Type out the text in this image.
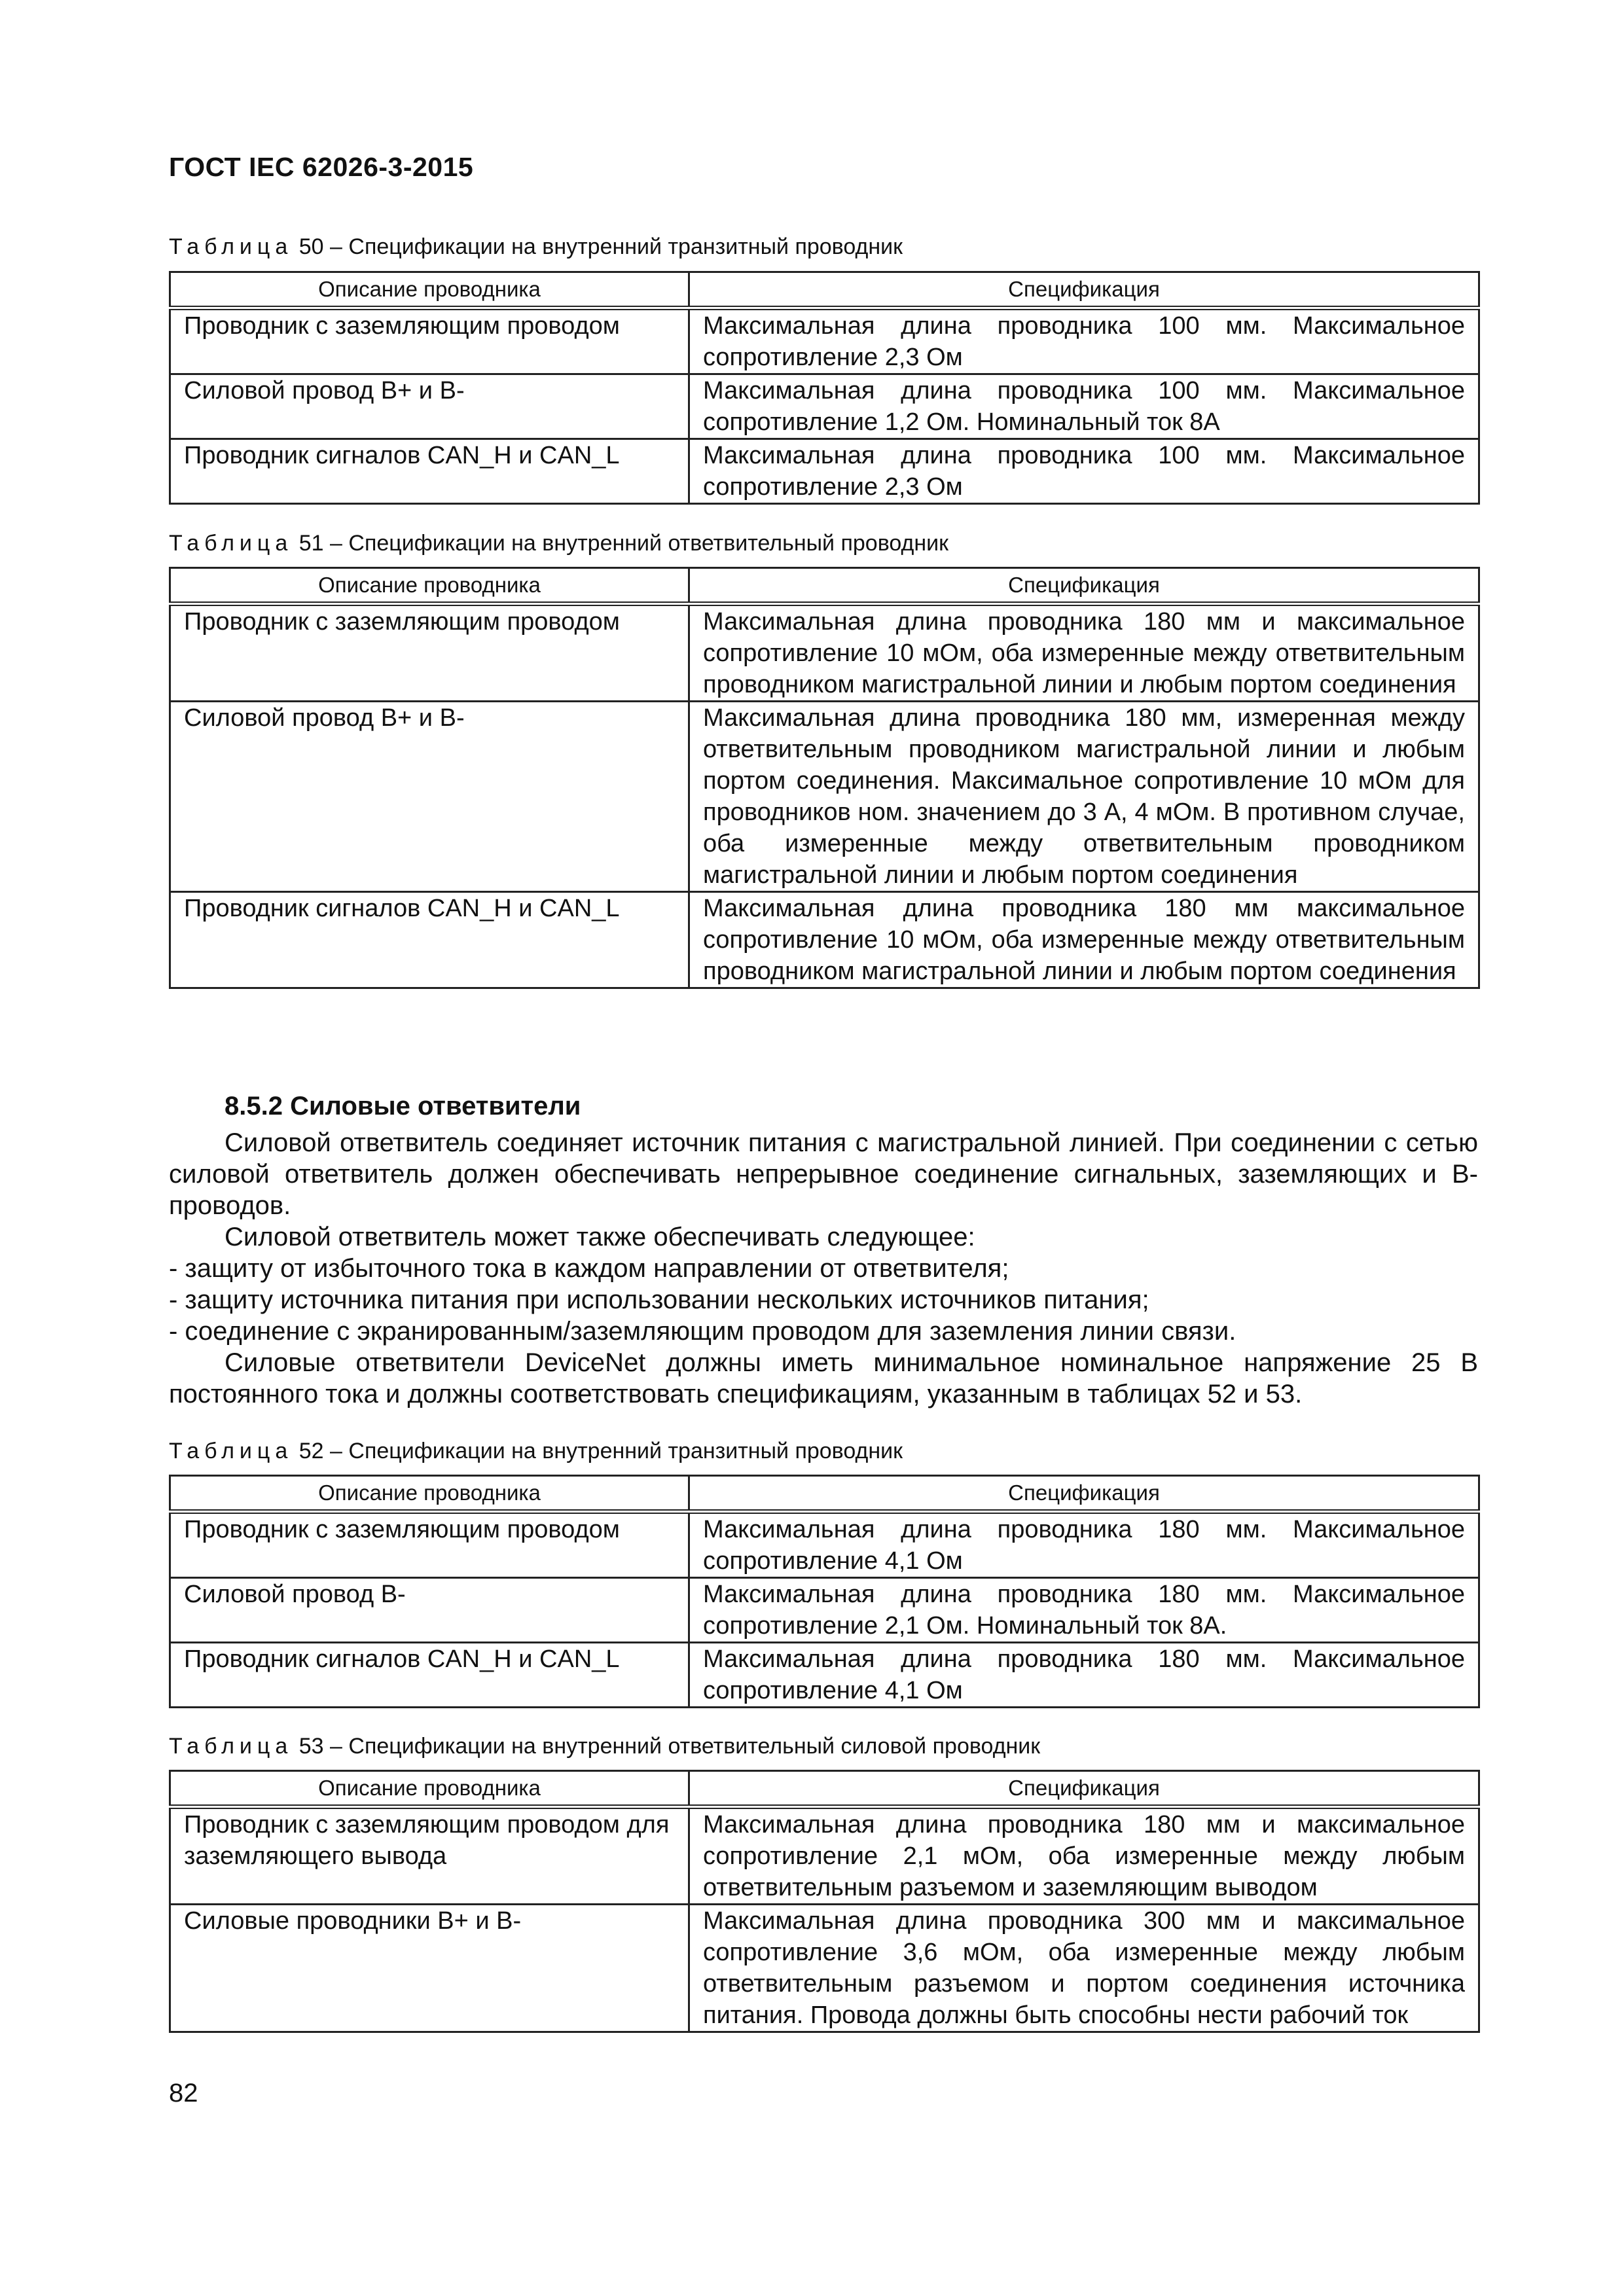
ГОСТ IEC 62026-3-2015
Таблица 50 – Спецификации на внутренний транзитный проводник
Описание проводника	Спецификация
Проводник с заземляющим проводом	Максимальная длина проводника 100 мм. Максимальное сопротивление 2,3 Ом
Силовой провод В+ и В-	Максимальная длина проводника 100 мм. Максимальное сопротивление 1,2 Ом. Номинальный ток 8А
Проводник сигналов CAN_H и CAN_L	Максимальная длина проводника 100 мм. Максимальное сопротивление 2,3 Ом
Таблица 51 – Спецификации на внутренний ответвительный проводник
Описание проводника	Спецификация
Проводник с заземляющим проводом	Максимальная длина проводника 180 мм и максимальное сопротивление 10 мОм, оба измеренные между ответвительным проводником магистральной линии и любым портом соединения
Силовой провод В+ и В-	Максимальная длина проводника 180 мм, измеренная между ответвительным проводником магистральной линии и любым портом соединения. Максимальное сопротивление 10 мОм для проводников ном. значением до 3 А, 4 мОм. В противном случае, оба измеренные между ответвительным проводником магистральной линии и любым портом соединения
Проводник сигналов CAN_H и CAN_L	Максимальная длина проводника 180 мм максимальное сопротивление 10 мОм, оба измеренные между ответвительным проводником магистральной линии и любым портом соединения
8.5.2 Силовые ответвители

Силовой ответвитель соединяет источник питания с магистральной линией. При соединении с сетью силовой ответвитель должен обеспечивать непрерывное соединение сигнальных, заземляющих и В- проводов.

Силовой ответвитель может также обеспечивать следующее:

- защиту от избыточного тока в каждом направлении от ответвителя;

- защиту источника питания при использовании нескольких источников питания;

- соединение с экранированным/заземляющим проводом для заземления линии связи.

Силовые ответвители DeviceNet должны иметь минимальное номинальное напряжение 25 В постоянного тока и должны соответствовать спецификациям, указанным в таблицах 52 и 53.

Таблица 52 – Спецификации на внутренний транзитный проводник
Описание проводника	Спецификация
Проводник с заземляющим проводом	Максимальная длина проводника 180 мм. Максимальное сопротивление 4,1 Ом
Силовой провод В-	Максимальная длина проводника 180 мм. Максимальное сопротивление 2,1 Ом. Номинальный ток 8А.
Проводник сигналов CAN_H и CAN_L	Максимальная длина проводника 180 мм. Максимальное сопротивление 4,1 Ом
Таблица 53 – Спецификации на внутренний ответвительный силовой проводник
Описание проводника	Спецификация
Проводник с заземляющим проводом для заземляющего вывода	Максимальная длина проводника 180 мм и максимальное сопротивление 2,1 мОм, оба измеренные между любым ответвительным разъемом и заземляющим выводом
Силовые проводники В+ и В-	Максимальная длина проводника 300 мм и максимальное сопротивление 3,6 мОм, оба измеренные между любым ответвительным разъемом и портом соединения источника питания. Провода должны быть способны нести рабочий ток
82
